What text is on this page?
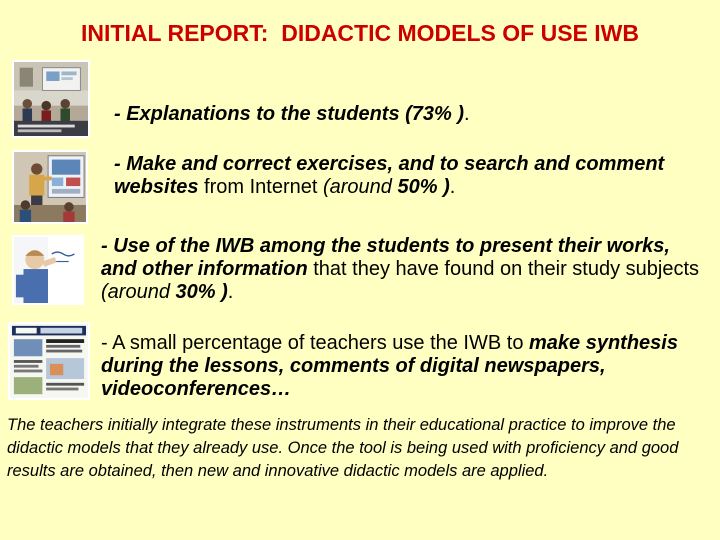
INITIAL REPORT:  DIDACTIC MODELS OF USE IWB
- Explanations to the students (73% ).
- Make and correct exercises, and to search and comment websites from Internet (around 50% ).
- Use of the IWB among the students to present their works, and other information that they have found on their study subjects (around 30% ).
- A small percentage of teachers use the IWB to make synthesis during the lessons, comments of digital newspapers, videoconferences…
The teachers initially integrate these instruments in their educational practice to improve the didactic models that they already use. Once the tool is being used with proficiency and good results are obtained, then new and innovative didactic models are applied.
